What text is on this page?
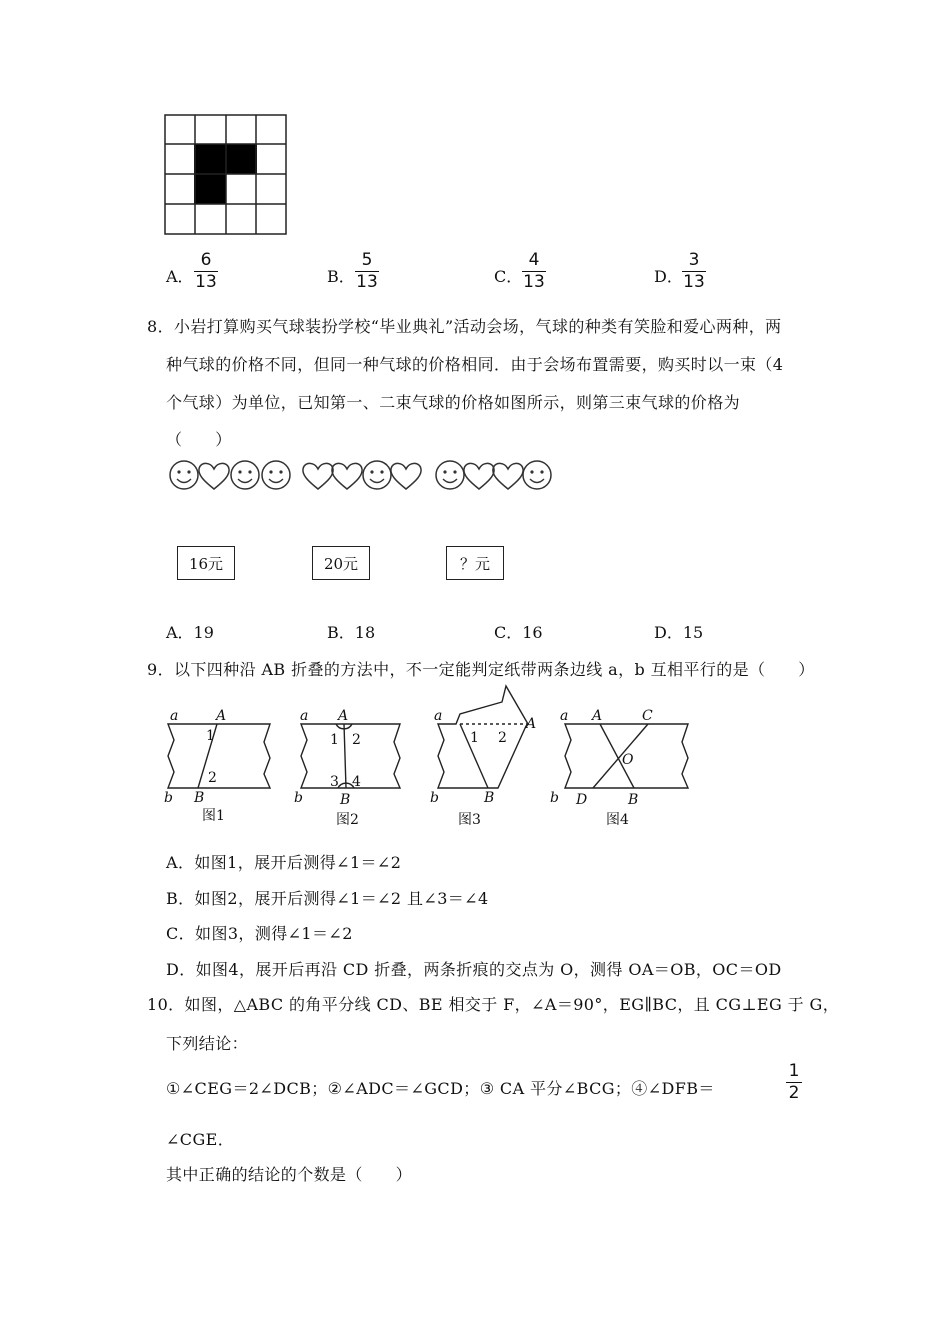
A．
6
13	B．
5
13	C．
4
13	D．
3
13
8．小岩打算购买气球装扮学校“毕业典礼”活动会场，气球的种类有笑脸和爱心两种，两
种气球的价格不同，但同一种气球的价格相同．由于会场布置需要，购买时以一束（4
个气球）为单位，已知第一、二束气球的价格如图所示，则第三束气球的价格为
（　　）
16元	20元	？元
A．19	B．18	C．16	D．15
9．以下四种沿 AB 折叠的方法中，不一定能判定纸带两条边线 a，b 互相平行的是（　　）
a	A
1
2
b B
图1
a A
1 2
3 4
b	B
图2
a	A
1 2
b	B
图3
a A	C
O
b D	B
图4
A．如图1，展开后测得∠1＝∠2
B．如图2，展开后测得∠1＝∠2 且∠3＝∠4
C．如图3，测得∠1＝∠2
D．如图4，展开后再沿 CD 折叠，两条折痕的交点为 O，测得 OA＝OB，OC＝OD
10．如图，△ABC 的角平分线 CD、BE 相交于 F，∠A＝90°，EG∥BC，且 CG⊥EG 于 G，
下列结论：
①∠CEG＝2∠DCB；②∠ADC＝∠GCD；③ CA 平分∠BCG；④∠DFB＝
1
2
∠CGE．
其中正确的结论的个数是（　　）
